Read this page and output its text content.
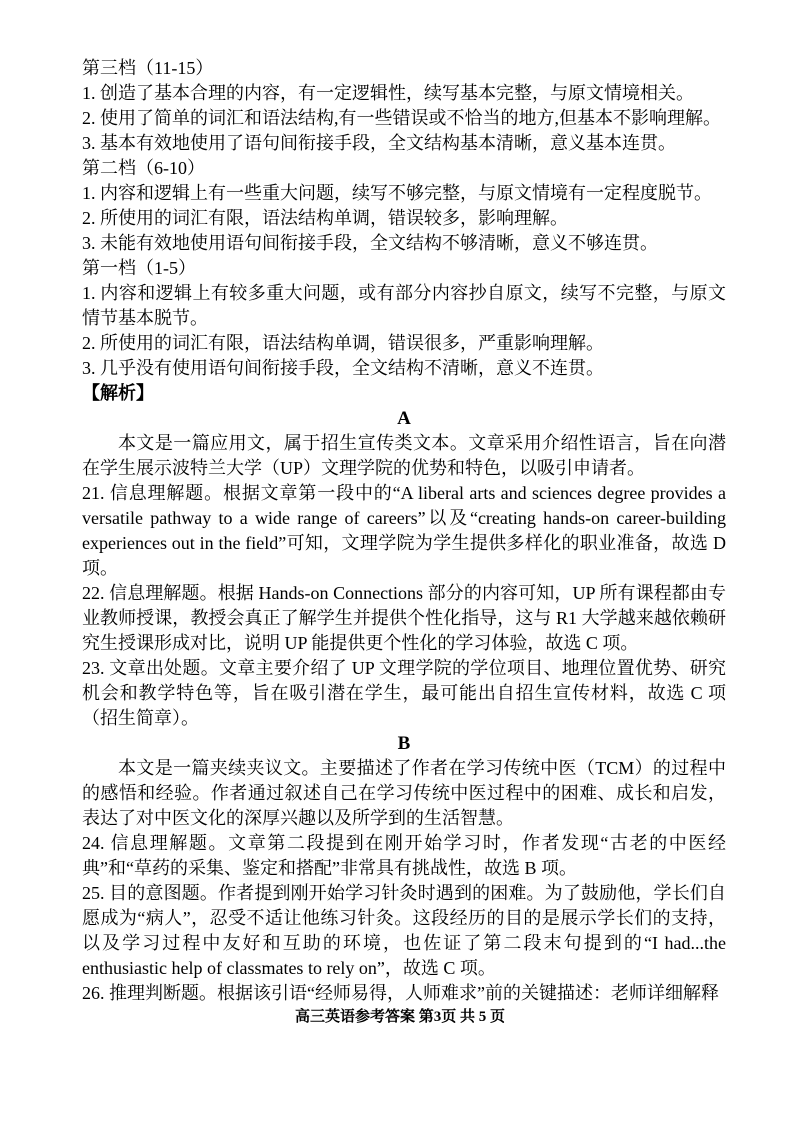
第三档（11-15）

1. 创造了基本合理的内容，有一定逻辑性，续写基本完整，与原文情境相关。

2. 使用了简单的词汇和语法结构,有一些错误或不恰当的地方,但基本不影响理解。

3. 基本有效地使用了语句间衔接手段，全文结构基本清晰，意义基本连贯。

第二档（6-10）

1. 内容和逻辑上有一些重大问题，续写不够完整，与原文情境有一定程度脱节。

2. 所使用的词汇有限，语法结构单调，错误较多，影响理解。

3. 未能有效地使用语句间衔接手段，全文结构不够清晰，意义不够连贯。

第一档（1-5）

1. 内容和逻辑上有较多重大问题，或有部分内容抄自原文，续写不完整，与原文情节基本脱节。

2. 所使用的词汇有限，语法结构单调，错误很多，严重影响理解。

3. 几乎没有使用语句间衔接手段，全文结构不清晰，意义不连贯。

【解析】

A

本文是一篇应用文，属于招生宣传类文本。文章采用介绍性语言，旨在向潜在学生展示波特兰大学（UP）文理学院的优势和特色，以吸引申请者。

21. 信息理解题。根据文章第一段中的“A liberal arts and sciences degree provides a versatile pathway to a wide range of careers”以及“creating hands-on career-building experiences out in the field”可知，文理学院为学生提供多样化的职业准备，故选 D 项。

22. 信息理解题。根据 Hands-on Connections 部分的内容可知，UP 所有课程都由专业教师授课，教授会真正了解学生并提供个性化指导，这与 R1 大学越来越依赖研究生授课形成对比，说明 UP 能提供更个性化的学习体验，故选 C 项。

23. 文章出处题。文章主要介绍了 UP 文理学院的学位项目、地理位置优势、研究机会和教学特色等，旨在吸引潜在学生，最可能出自招生宣传材料，故选 C 项（招生简章）。

B

本文是一篇夹续夹议文。主要描述了作者在学习传统中医（TCM）的过程中的感悟和经验。作者通过叙述自己在学习传统中医过程中的困难、成长和启发，表达了对中医文化的深厚兴趣以及所学到的生活智慧。

24. 信息理解题。文章第二段提到在刚开始学习时，作者发现“古老的中医经典”和“草药的采集、鉴定和搭配”非常具有挑战性，故选 B 项。

25. 目的意图题。作者提到刚开始学习针灸时遇到的困难。为了鼓励他，学长们自愿成为“病人”，忍受不适让他练习针灸。这段经历的目的是展示学长们的支持，以及学习过程中友好和互助的环境，也佐证了第二段末句提到的“I had...the enthusiastic help of classmates to rely on”，故选 C 项。

26. 推理判断题。根据该引语“经师易得，人师难求”前的关键描述：老师详细解释

高三英语参考答案 第3页 共 5 页
